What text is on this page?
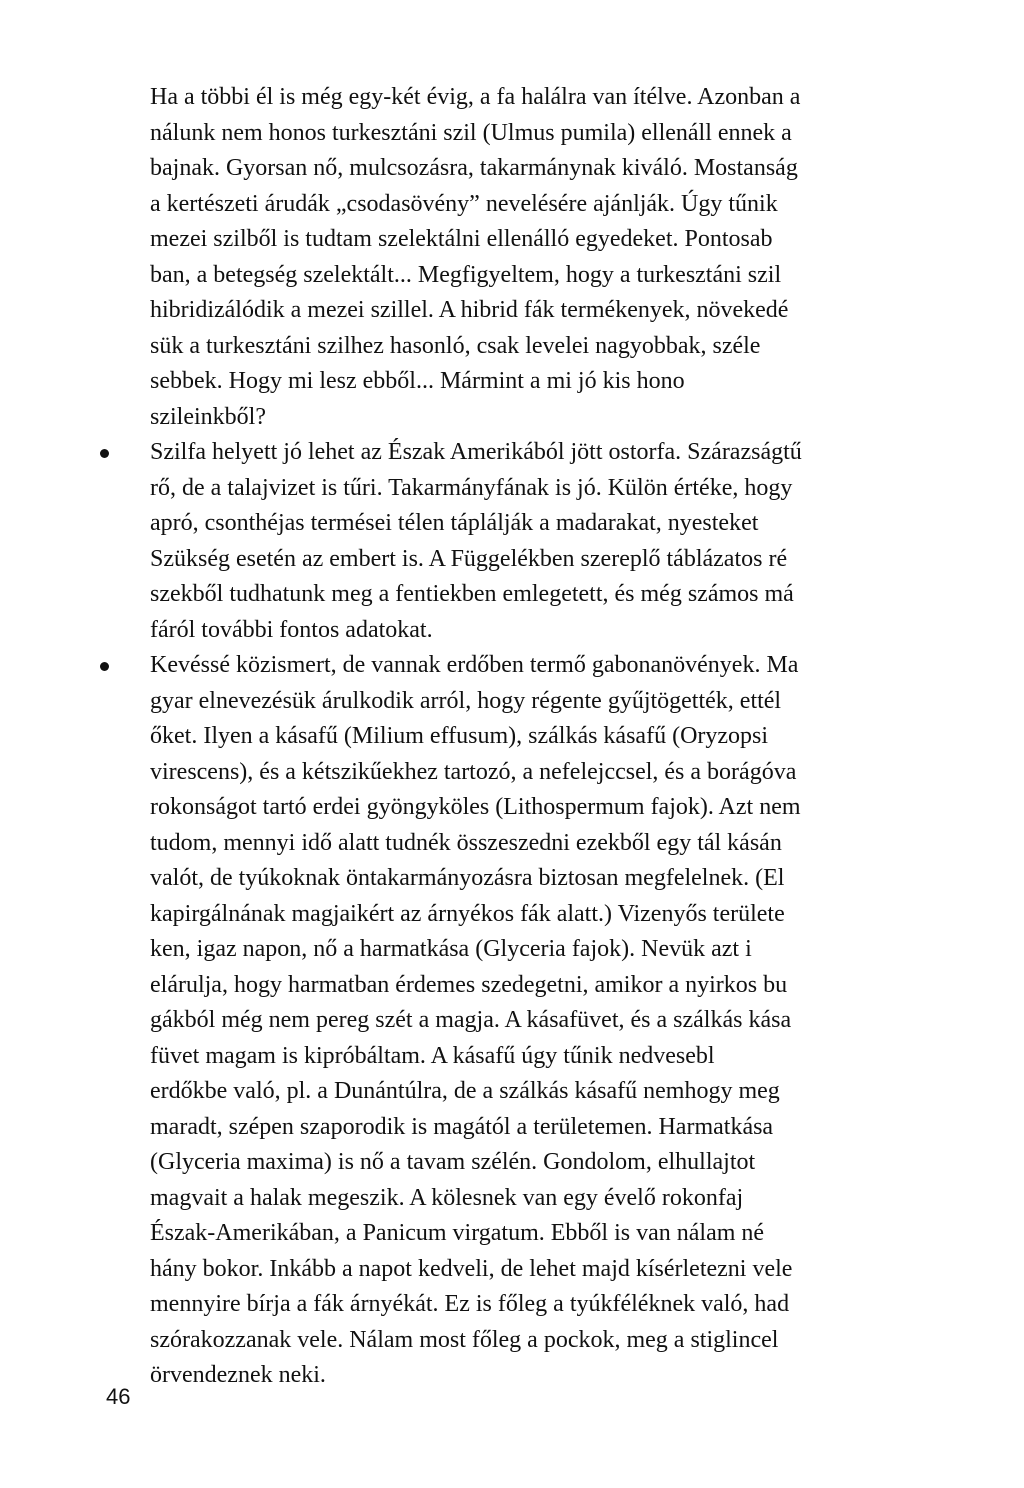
Ha a többi él is még egy-két évig, a fa halálra van ítélve. Azonban a
nálunk nem honos turkesztáni szil (Ulmus pumila) ellenáll ennek a
bajnak. Gyorsan nő, mulcsozásra, takarmánynak kiváló. Mostanság
a kertészeti árudák „csodasövény” nevelésére ajánlják. Úgy tűnik
mezei szilből is tudtam szelektálni ellenálló egyedeket. Pontosab
ban, a betegség szelektált... Megfigyeltem, hogy a turkesztáni szil
hibridizálódik a mezei szillel. A hibrid fák termékenyek, növekedé
sük a turkesztáni szilhez hasonló, csak levelei nagyobbak, széle
sebbek. Hogy mi lesz ebből... Mármint a mi jó kis hono
szileinkből?
Szilfa helyett jó lehet az Észak Amerikából jött ostorfa. Szárazságtű
rő, de a talajvizet is tűri. Takarmányfának is jó. Külön értéke, hogy
apró, csonthéjas termései télen táplálják a madarakat, nyesteket
Szükség esetén az embert is. A Függelékben szereplő táblázatos ré
szekből tudhatunk meg a fentiekben emlegetett, és még számos má
fáról további fontos adatokat.
Kevéssé közismert, de vannak erdőben termő gabonanövények. Ma
gyar elnevezésük árulkodik arról, hogy régente gyűjtögették, ettél
őket. Ilyen a kásafű (Milium effusum), szálkás kásafű (Oryzopsi
virescens), és a kétszikűekhez tartozó, a nefelejccsel, és a borágóva
rokonságot tartó erdei gyöngyköles (Lithospermum fajok). Azt nem
tudom, mennyi idő alatt tudnék összeszedni ezekből egy tál kásán
valót, de tyúkoknak öntakarmányozásra biztosan megfelelnek. (El
kapirgálnának magjaikért az árnyékos fák alatt.) Vizenyős területe
ken, igaz napon, nő a harmatkása (Glyceria fajok). Nevük azt i
elárulja, hogy harmatban érdemes szedegetni, amikor a nyirkos bu
gákból még nem pereg szét a magja. A kásafüvet, és a szálkás kása
füvet magam is kipróbáltam. A kásafű úgy tűnik nedvesebl
erdőkbe való, pl. a Dunántúlra, de a szálkás kásafű nemhogy meg
maradt, szépen szaporodik is magától a területemen. Harmatkása
(Glyceria maxima) is nő a tavam szélén. Gondolom, elhullajtot
magvait a halak megeszik. A kölesnek van egy évelő rokonfaj
Észak-Amerikában, a Panicum virgatum. Ebből is van nálam né
hány bokor. Inkább a napot kedveli, de lehet majd kísérletezni vele
mennyire bírja a fák árnyékát. Ez is főleg a tyúkféléknek való, had
szórakozzanak vele. Nálam most főleg a pockok, meg a stiglincel
örvendeznek neki.
46
